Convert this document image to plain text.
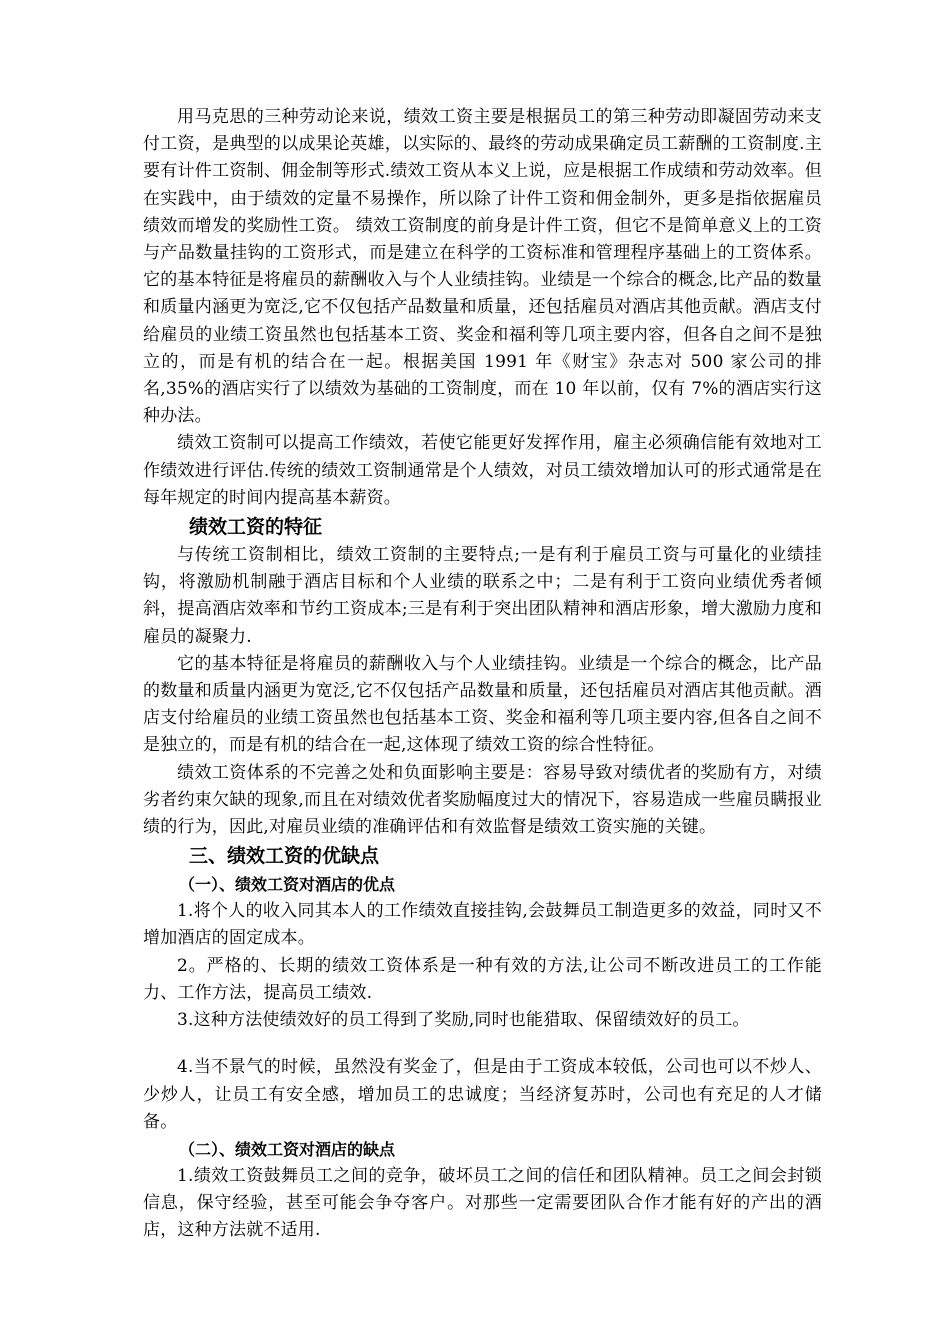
用马克思的三种劳动论来说，绩效工资主要是根据员工的第三种劳动即凝固劳动来支付工资，是典型的以成果论英雄，以实际的、最终的劳动成果确定员工薪酬的工资制度.主要有计件工资制、佣金制等形式.绩效工资从本义上说，应是根据工作成绩和劳动效率。但在实践中，由于绩效的定量不易操作，所以除了计件工资和佣金制外，更多是指依据雇员绩效而增发的奖励性工资。 绩效工资制度的前身是计件工资，但它不是简单意义上的工资与产品数量挂钩的工资形式，而是建立在科学的工资标准和管理程序基础上的工资体系。它的基本特征是将雇员的薪酬收入与个人业绩挂钩。业绩是一个综合的概念,比产品的数量和质量内涵更为宽泛,它不仅包括产品数量和质量，还包括雇员对酒店其他贡献。酒店支付给雇员的业绩工资虽然也包括基本工资、奖金和福利等几项主要内容，但各自之间不是独立的，而是有机的结合在一起。根据美国 1991 年《财宝》杂志对 500 家公司的排名,35%的酒店实行了以绩效为基础的工资制度，而在 10 年以前，仅有 7%的酒店实行这种办法。

绩效工资制可以提高工作绩效，若使它能更好发挥作用，雇主必须确信能有效地对工作绩效进行评估.传统的绩效工资制通常是个人绩效，对员工绩效增加认可的形式通常是在每年规定的时间内提高基本薪资。

绩效工资的特征

与传统工资制相比，绩效工资制的主要特点;一是有利于雇员工资与可量化的业绩挂钩，将激励机制融于酒店目标和个人业绩的联系之中；二是有利于工资向业绩优秀者倾斜，提高酒店效率和节约工资成本;三是有利于突出团队精神和酒店形象，增大激励力度和雇员的凝聚力.

它的基本特征是将雇员的薪酬收入与个人业绩挂钩。业绩是一个综合的概念，比产品的数量和质量内涵更为宽泛,它不仅包括产品数量和质量，还包括雇员对酒店其他贡献。酒店支付给雇员的业绩工资虽然也包括基本工资、奖金和福利等几项主要内容,但各自之间不是独立的，而是有机的结合在一起,这体现了绩效工资的综合性特征。

绩效工资体系的不完善之处和负面影响主要是：容易导致对绩优者的奖励有方，对绩劣者约束欠缺的现象,而且在对绩效优者奖励幅度过大的情况下，容易造成一些雇员瞒报业绩的行为，因此,对雇员业绩的准确评估和有效监督是绩效工资实施的关键。

三、绩效工资的优缺点
（一）、绩效工资对酒店的优点

1.将个人的收入同其本人的工作绩效直接挂钩,会鼓舞员工制造更多的效益，同时又不增加酒店的固定成本。

2。严格的、长期的绩效工资体系是一种有效的方法,让公司不断改进员工的工作能力、工作方法，提高员工绩效.

3.这种方法使绩效好的员工得到了奖励,同时也能猎取、保留绩效好的员工。

4.当不景气的时候，虽然没有奖金了，但是由于工资成本较低，公司也可以不炒人、少炒人，让员工有安全感，增加员工的忠诚度；当经济复苏时，公司也有充足的人才储备。

（二）、绩效工资对酒店的缺点

1.绩效工资鼓舞员工之间的竞争，破坏员工之间的信任和团队精神。员工之间会封锁信息，保守经验，甚至可能会争夺客户。对那些一定需要团队合作才能有好的产出的酒店，这种方法就不适用.
